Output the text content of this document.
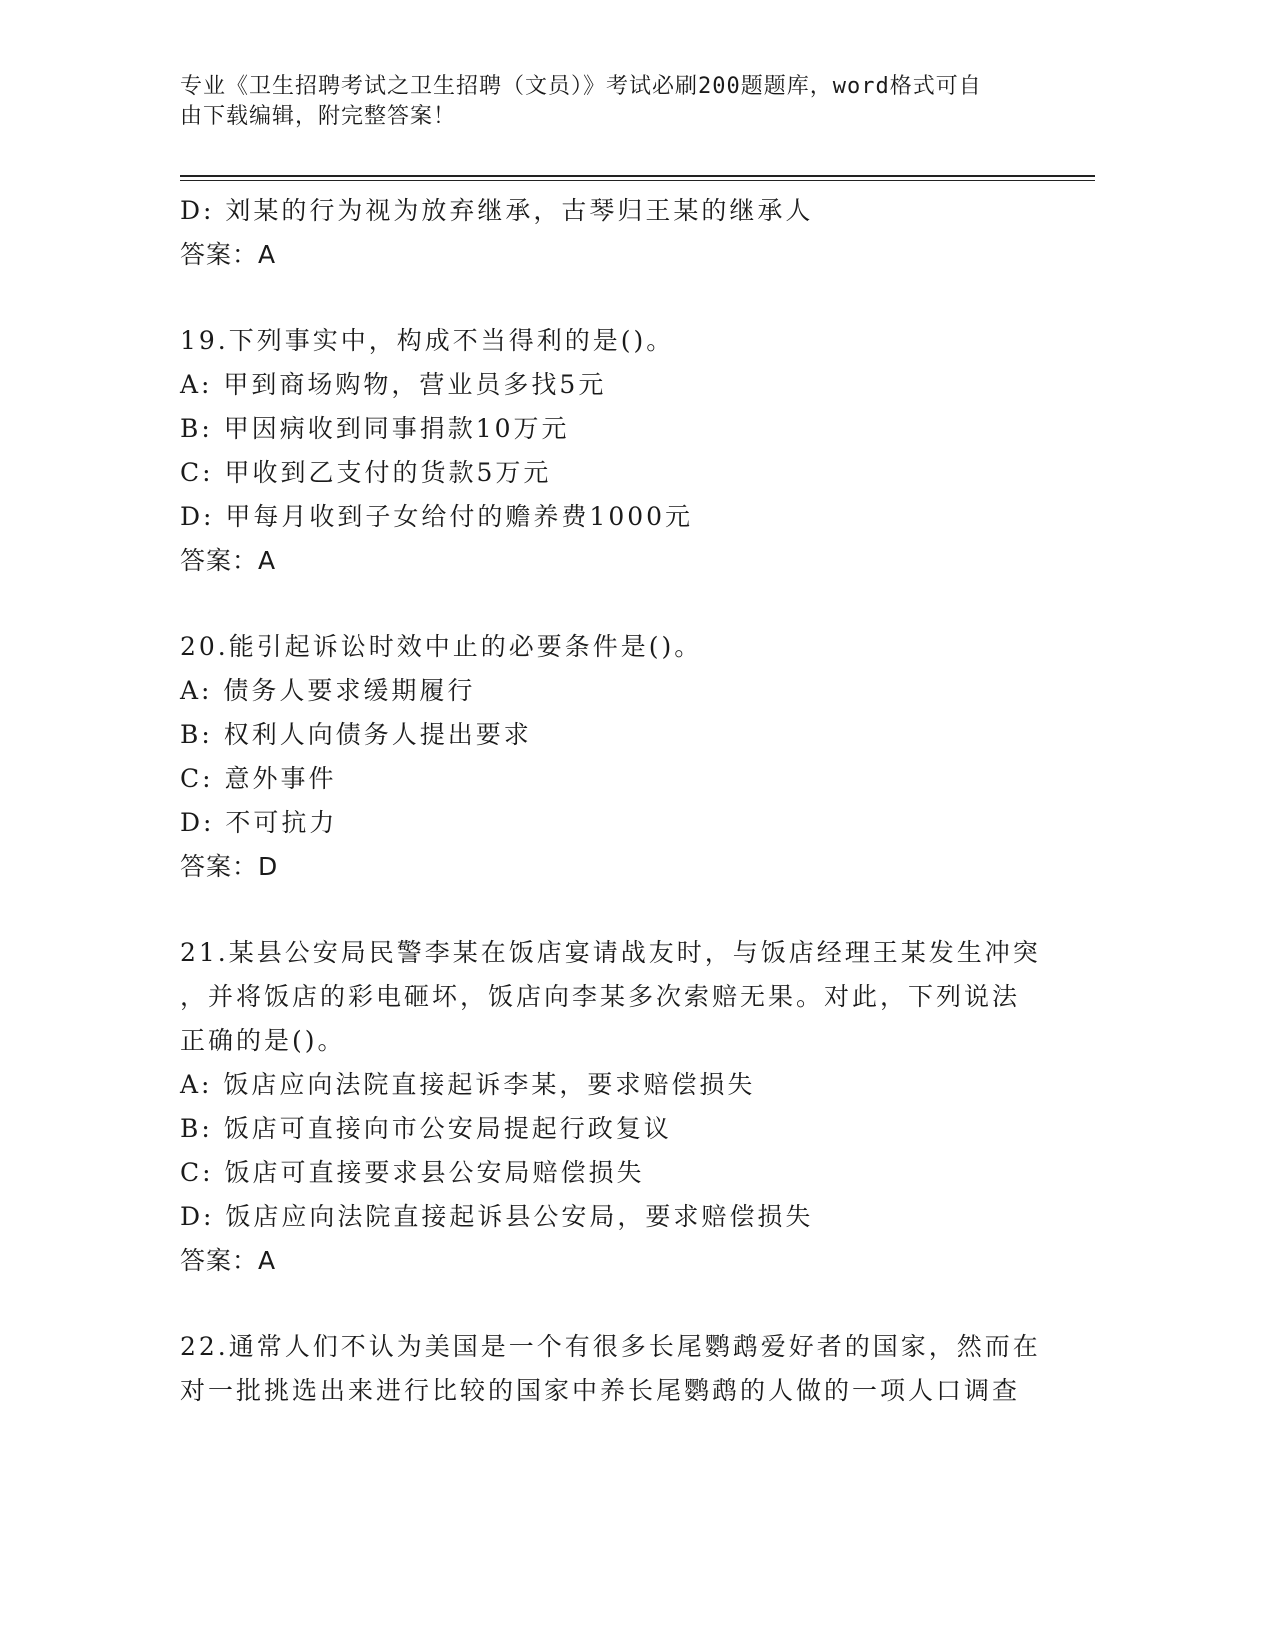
专业《卫生招聘考试之卫生招聘（文员）》考试必刷200题题库，word格式可自
由下载编辑，附完整答案！
D: 刘某的行为视为放弃继承，古琴归王某的继承人
答案：A
19.下列事实中，构成不当得利的是()。
A: 甲到商场购物，营业员多找5元
B: 甲因病收到同事捐款10万元
C: 甲收到乙支付的货款5万元
D: 甲每月收到子女给付的赡养费1000元
答案：A
20.能引起诉讼时效中止的必要条件是()。
A: 债务人要求缓期履行
B: 权利人向债务人提出要求
C: 意外事件
D: 不可抗力
答案：D
21.某县公安局民警李某在饭店宴请战友时，与饭店经理王某发生冲突
，并将饭店的彩电砸坏，饭店向李某多次索赔无果。对此，下列说法
正确的是()。
A: 饭店应向法院直接起诉李某，要求赔偿损失
B: 饭店可直接向市公安局提起行政复议
C: 饭店可直接要求县公安局赔偿损失
D: 饭店应向法院直接起诉县公安局，要求赔偿损失
答案：A
22.通常人们不认为美国是一个有很多长尾鹦鹉爱好者的国家，然而在
对一批挑选出来进行比较的国家中养长尾鹦鹉的人做的一项人口调查
